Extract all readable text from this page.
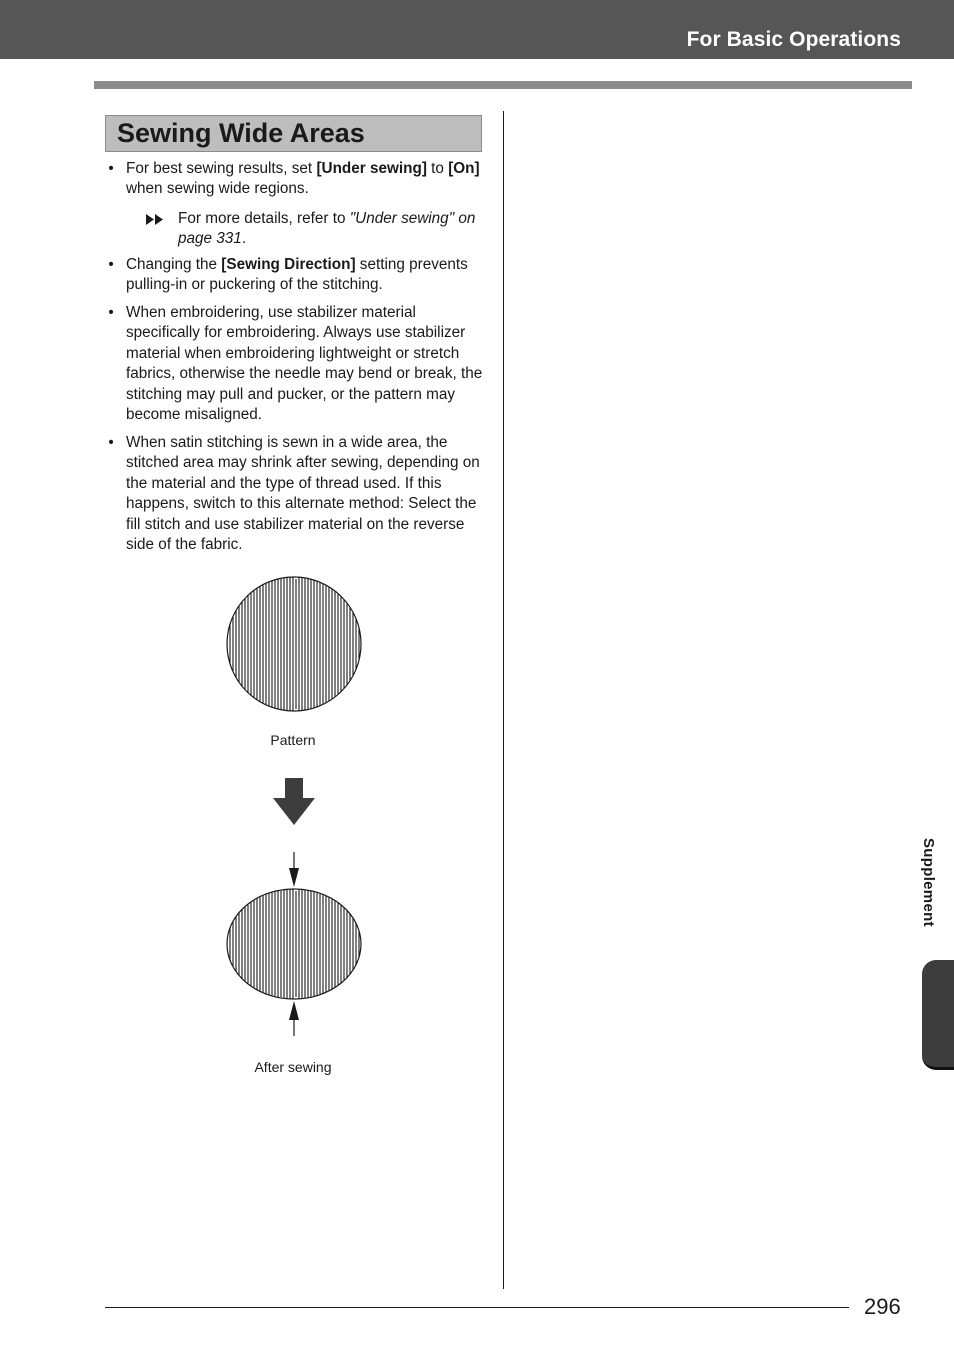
For Basic Operations
Sewing Wide Areas
• For best sewing results, set [Under sewing] to [On] when sewing wide regions.
For more details, refer to "Under sewing" on page 331.
• Changing the [Sewing Direction] setting prevents pulling-in or puckering of the stitching.
• When embroidering, use stabilizer material specifically for embroidering. Always use stabilizer material when embroidering lightweight or stretch fabrics, otherwise the needle may bend or break, the stitching may pull and pucker, or the pattern may become misaligned.
• When satin stitching is sewn in a wide area, the stitched area may shrink after sewing, depending on the material and the type of thread used. If this happens, switch to this alternate method: Select the fill stitch and use stabilizer material on the reverse side of the fabric.
Pattern
After sewing
Supplement
296
